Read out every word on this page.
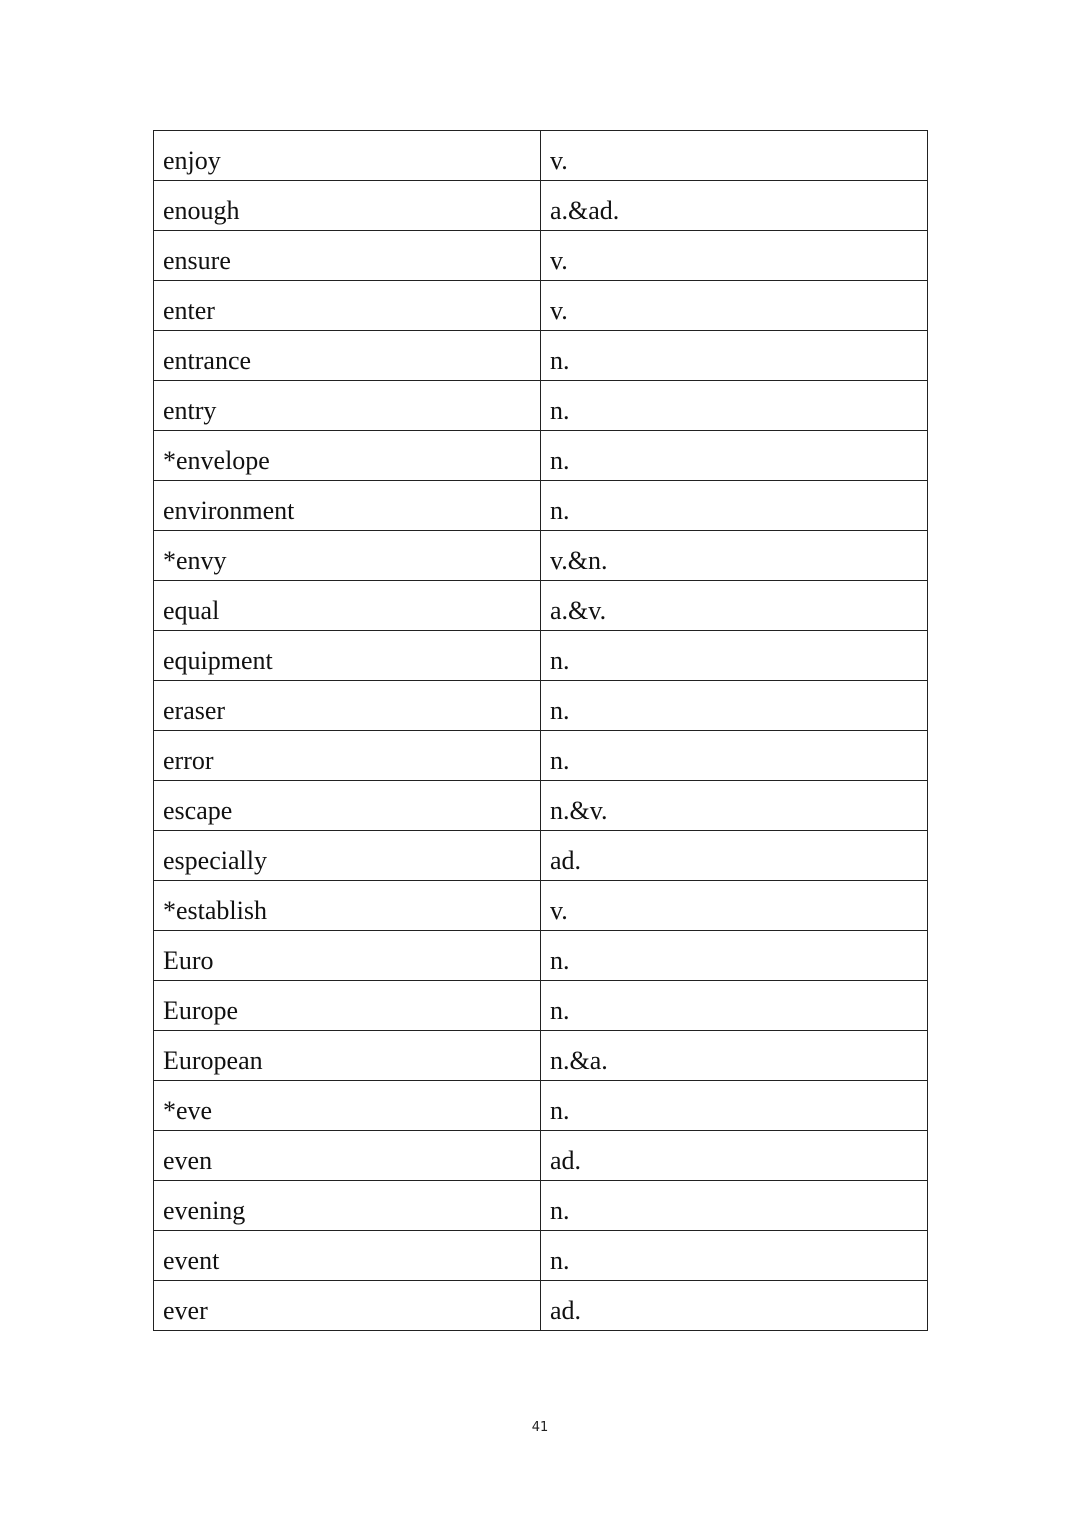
enjoy	v.
enough	a.&ad.
ensure	v.
enter	v.
entrance	n.
entry	n.
*envelope	n.
environment	n.
*envy	v.&n.
equal	a.&v.
equipment	n.
eraser	n.
error	n.
escape	n.&v.
especially	ad.
*establish	v.
Euro	n.
Europe	n.
European	n.&a.
*eve	n.
even	ad.
evening	n.
event	n.
ever	ad.
41
